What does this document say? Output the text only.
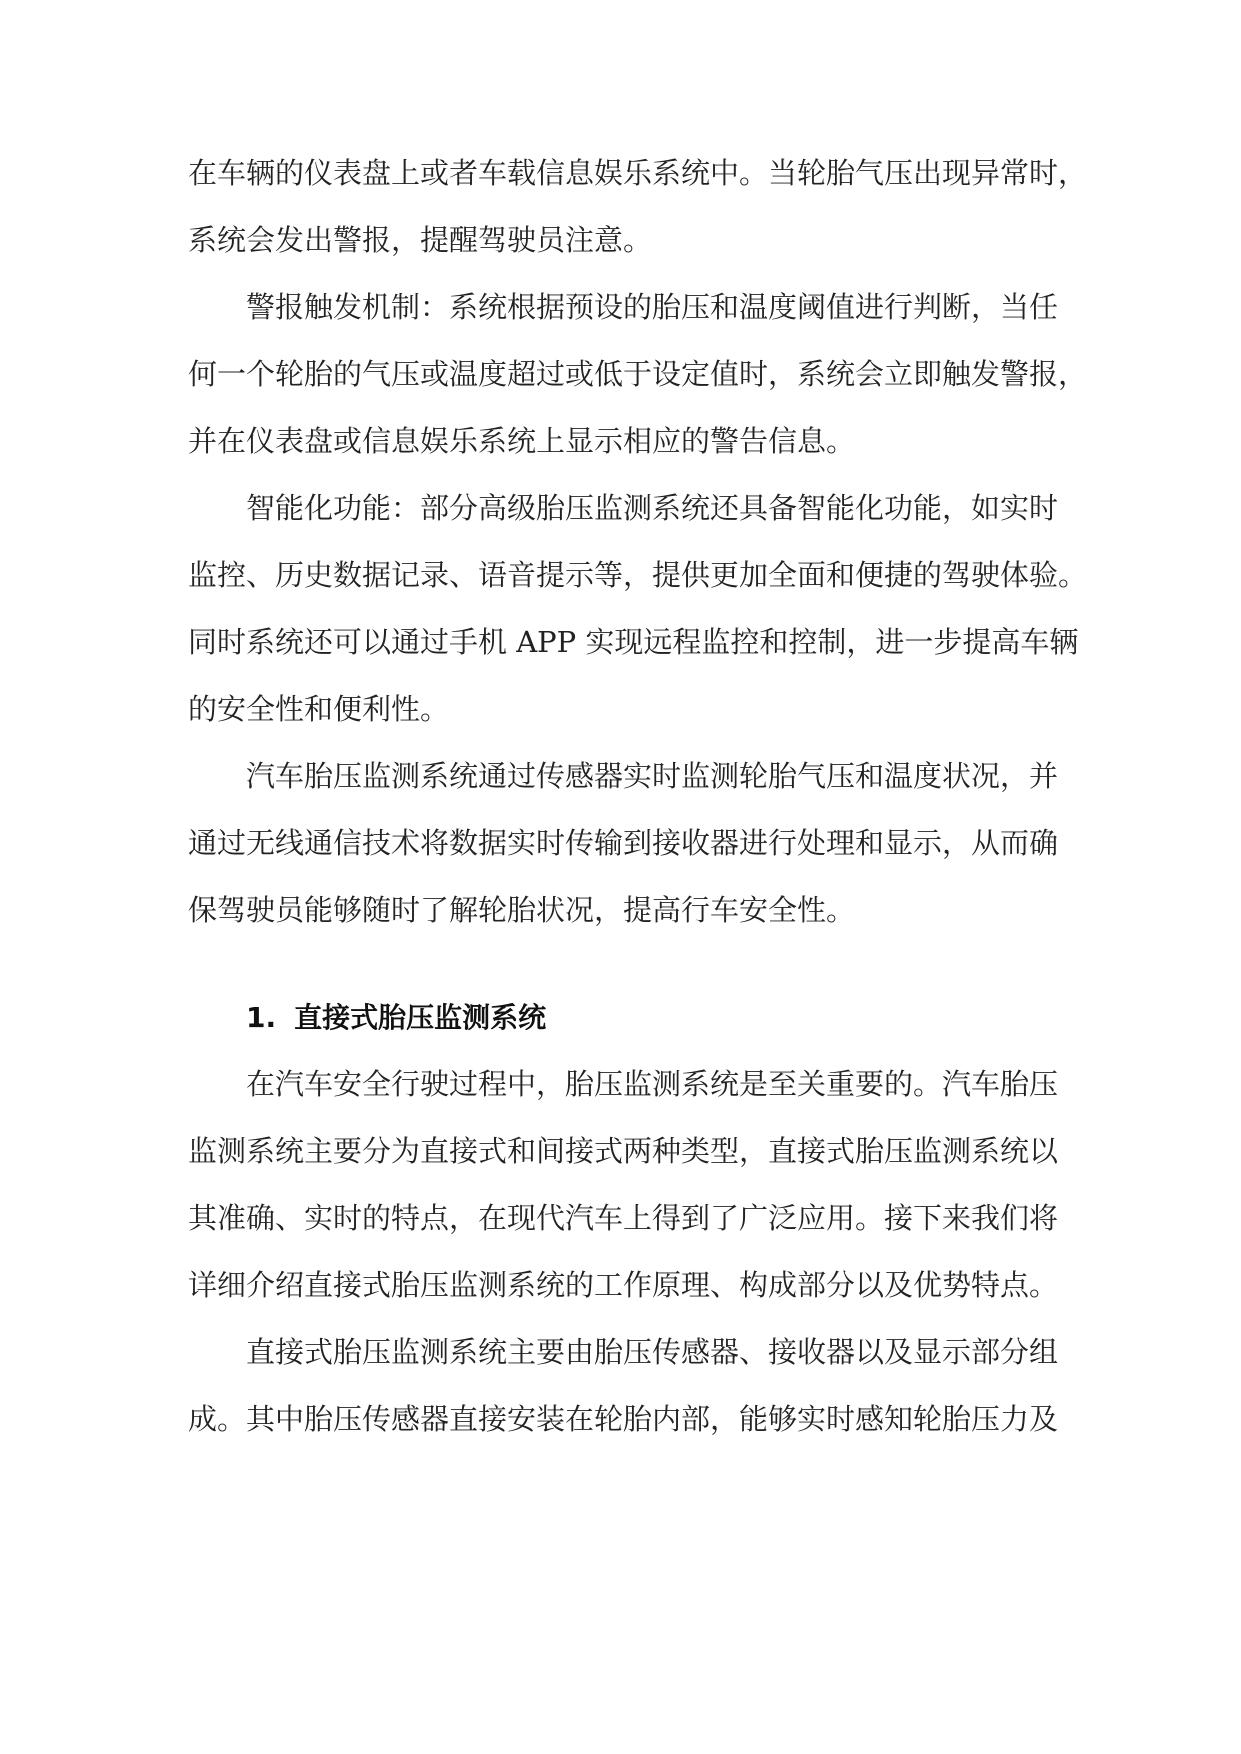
在车辆的仪表盘上或者车载信息娱乐系统中。当轮胎气压出现异常时，
系统会发出警报，提醒驾驶员注意。

警报触发机制：系统根据预设的胎压和温度阈值进行判断，当任
何一个轮胎的气压或温度超过或低于设定值时，系统会立即触发警报，
并在仪表盘或信息娱乐系统上显示相应的警告信息。

智能化功能：部分高级胎压监测系统还具备智能化功能，如实时
监控、历史数据记录、语音提示等，提供更加全面和便捷的驾驶体验。
同时系统还可以通过手机 APP 实现远程监控和控制，进一步提高车辆
的安全性和便利性。

汽车胎压监测系统通过传感器实时监测轮胎气压和温度状况，并
通过无线通信技术将数据实时传输到接收器进行处理和显示，从而确
保驾驶员能够随时了解轮胎状况，提高行车安全性。

1. 直接式胎压监测系统

在汽车安全行驶过程中，胎压监测系统是至关重要的。汽车胎压
监测系统主要分为直接式和间接式两种类型，直接式胎压监测系统以
其准确、实时的特点，在现代汽车上得到了广泛应用。接下来我们将
详细介绍直接式胎压监测系统的工作原理、构成部分以及优势特点。

直接式胎压监测系统主要由胎压传感器、接收器以及显示部分组
成。其中胎压传感器直接安装在轮胎内部，能够实时感知轮胎压力及
